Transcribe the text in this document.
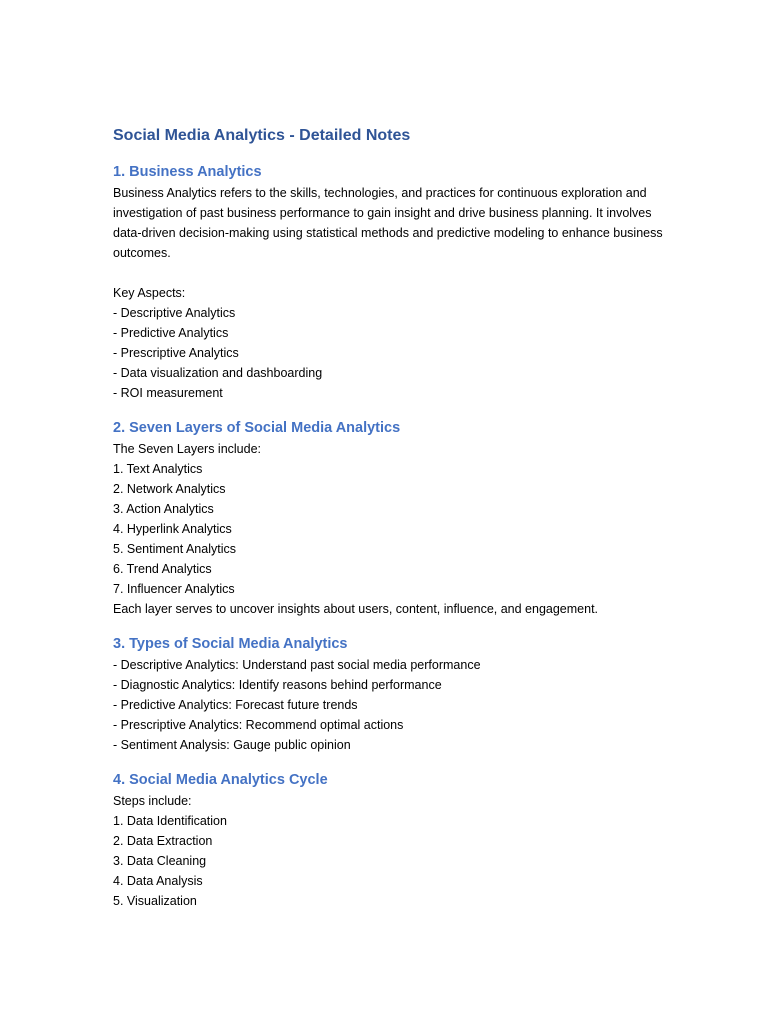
Social Media Analytics - Detailed Notes
1. Business Analytics

Business Analytics refers to the skills, technologies, and practices for continuous exploration and investigation of past business performance to gain insight and drive business planning. It involves data-driven decision-making using statistical methods and predictive modeling to enhance business outcomes.

Key Aspects:
- Descriptive Analytics
- Predictive Analytics
- Prescriptive Analytics
- Data visualization and dashboarding
- ROI measurement
2. Seven Layers of Social Media Analytics
The Seven Layers include:
1. Text Analytics
2. Network Analytics
3. Action Analytics
4. Hyperlink Analytics
5. Sentiment Analytics
6. Trend Analytics
7. Influencer Analytics
Each layer serves to uncover insights about users, content, influence, and engagement.
3. Types of Social Media Analytics
- Descriptive Analytics: Understand past social media performance
- Diagnostic Analytics: Identify reasons behind performance
- Predictive Analytics: Forecast future trends
- Prescriptive Analytics: Recommend optimal actions
- Sentiment Analysis: Gauge public opinion
4. Social Media Analytics Cycle
Steps include:
1. Data Identification
2. Data Extraction
3. Data Cleaning
4. Data Analysis
5. Visualization
